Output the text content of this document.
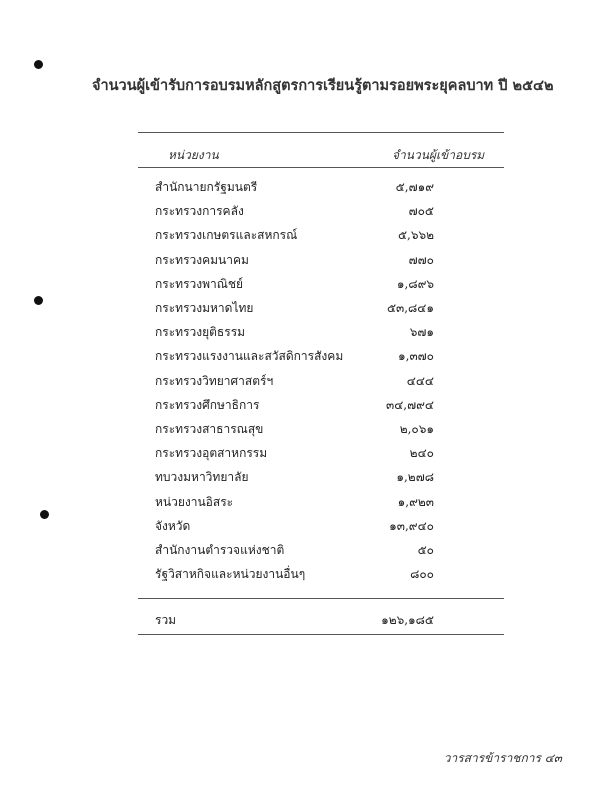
จำนวนผู้เข้ารับการอบรมหลักสูตรการเรียนรู้ตามรอยพระยุคลบาท ปี ๒๕๔๒
หน่วยงาน	จำนวนผู้เข้าอบรม
สำนักนายกรัฐมนตรี	๕,๗๑๙
กระทรวงการคลัง	๗๐๕
กระทรวงเกษตรและสหกรณ์	๕,๖๖๒
กระทรวงคมนาคม	๗๗๐
กระทรวงพาณิชย์	๑,๘๙๖
กระทรวงมหาดไทย	๕๓,๘๔๑
กระทรวงยุติธรรม	๖๗๑
กระทรวงแรงงานและสวัสดิการสังคม	๑,๓๗๐
กระทรวงวิทยาศาสตร์ฯ	๔๔๔
กระทรวงศึกษาธิการ	๓๔,๗๙๔
กระทรวงสาธารณสุข	๒,๐๖๑
กระทรวงอุตสาหกรรม	๒๔๐
ทบวงมหาวิทยาลัย	๑,๒๗๘
หน่วยงานอิสระ	๑,๙๒๓
จังหวัด	๑๓,๙๔๐
สำนักงานตำรวจแห่งชาติ	๕๐
รัฐวิสาหกิจและหน่วยงานอื่นๆ	๘๐๐
รวม	๑๒๖,๑๘๕
วารสารข้าราชการ ๔๓
